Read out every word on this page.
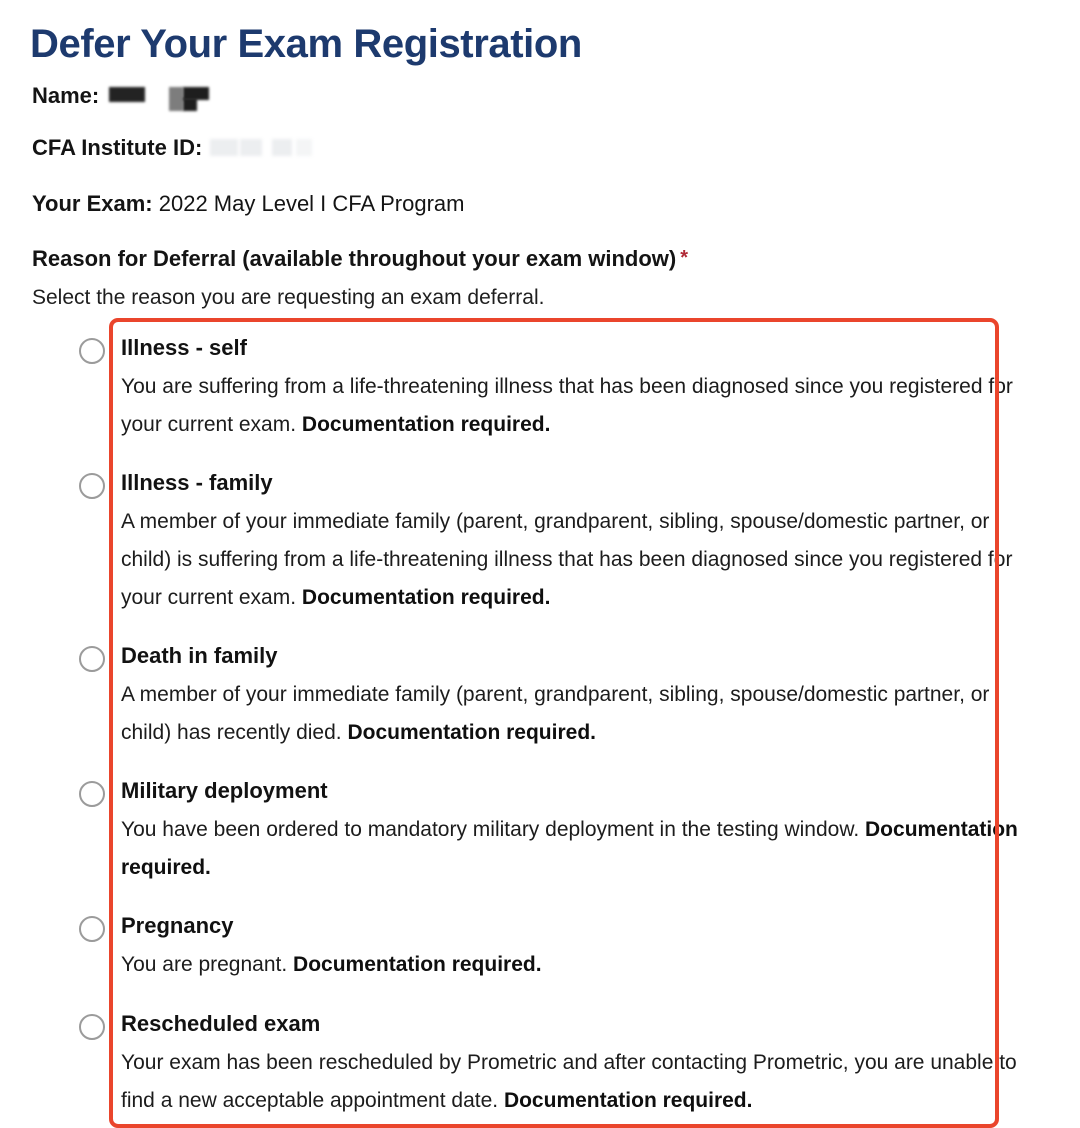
Defer Your Exam Registration
Name:
CFA Institute ID:
Your Exam: 2022 May Level I CFA Program
Reason for Deferral (available throughout your exam window) *
Select the reason you are requesting an exam deferral.
Illness - self
You are suffering from a life-threatening illness that has been diagnosed since you registered for your current exam. Documentation required.
Illness - family
A member of your immediate family (parent, grandparent, sibling, spouse/domestic partner, or child) is suffering from a life-threatening illness that has been diagnosed since you registered for your current exam. Documentation required.
Death in family
A member of your immediate family (parent, grandparent, sibling, spouse/domestic partner, or child) has recently died. Documentation required.
Military deployment
You have been ordered to mandatory military deployment in the testing window. Documentation required.
Pregnancy
You are pregnant. Documentation required.
Rescheduled exam
Your exam has been rescheduled by Prometric and after contacting Prometric, you are unable to find a new acceptable appointment date. Documentation required.
